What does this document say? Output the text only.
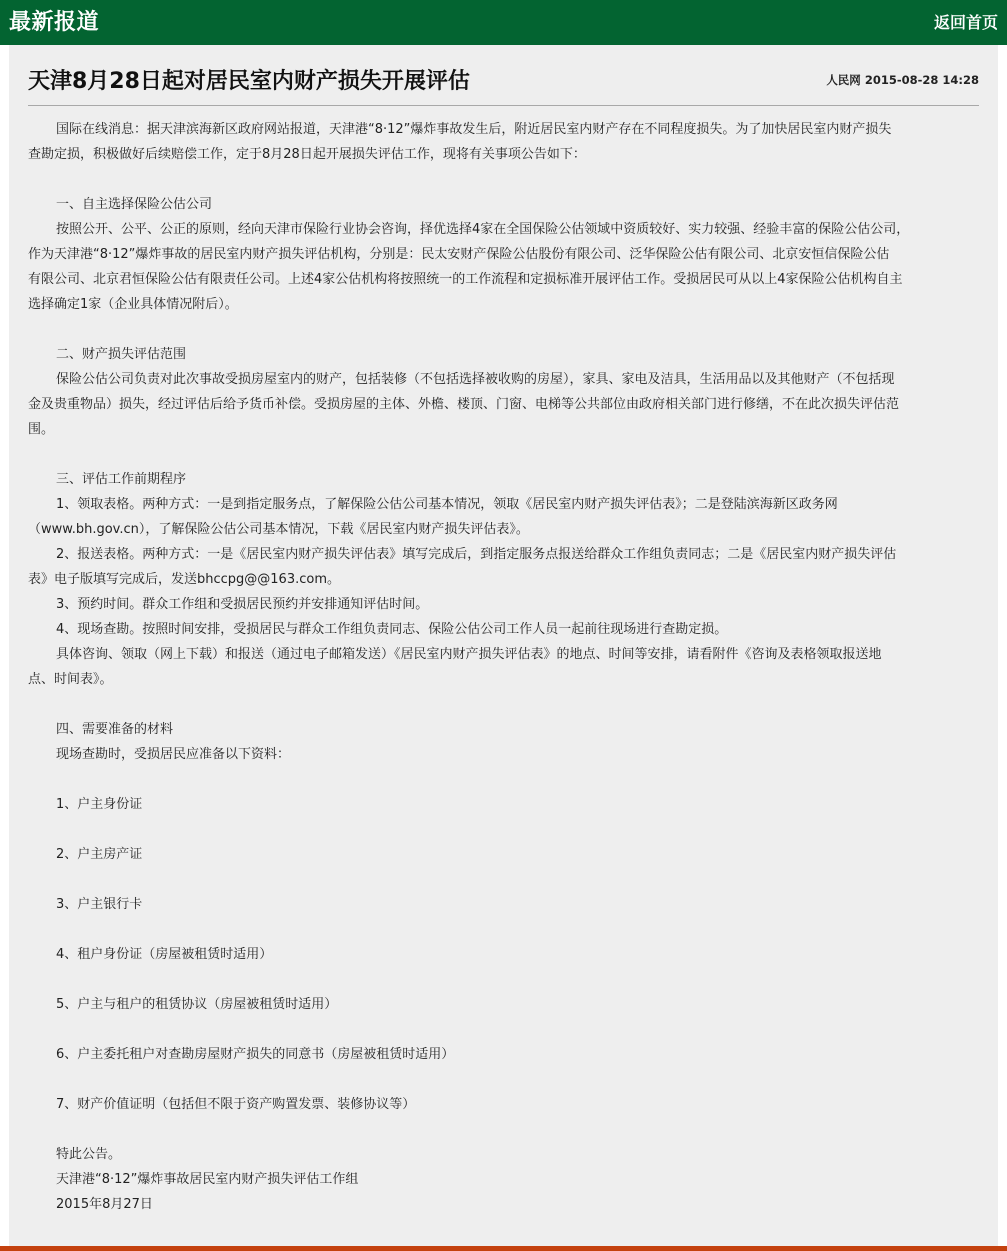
最新报道	返回首页
天津8月28日起对居民室内财产损失开展评估	人民网 2015-08-28 14:28

国际在线消息：据天津滨海新区政府网站报道，天津港“8·12”爆炸事故发生后，附近居民室内财产存在不同程度损失。为了加快居民室内财产损失

查勘定损，积极做好后续赔偿工作，定于8月28日起开展损失评估工作，现将有关事项公告如下：

一、自主选择保险公估公司

按照公开、公平、公正的原则，经向天津市保险行业协会咨询，择优选择4家在全国保险公估领域中资质较好、实力较强、经验丰富的保险公估公司，

作为天津港“8·12”爆炸事故的居民室内财产损失评估机构，分别是：民太安财产保险公估股份有限公司、泛华保险公估有限公司、北京安恒信保险公估

有限公司、北京君恒保险公估有限责任公司。上述4家公估机构将按照统一的工作流程和定损标准开展评估工作。受损居民可从以上4家保险公估机构自主

选择确定1家（企业具体情况附后）。

二、财产损失评估范围

保险公估公司负责对此次事故受损房屋室内的财产，包括装修（不包括选择被收购的房屋），家具、家电及洁具，生活用品以及其他财产（不包括现

金及贵重物品）损失，经过评估后给予货币补偿。受损房屋的主体、外檐、楼顶、门窗、电梯等公共部位由政府相关部门进行修缮，不在此次损失评估范

围。

三、评估工作前期程序

1、领取表格。两种方式：一是到指定服务点，了解保险公估公司基本情况，领取《居民室内财产损失评估表》；二是登陆滨海新区政务网

（www.bh.gov.cn），了解保险公估公司基本情况，下载《居民室内财产损失评估表》。

2、报送表格。两种方式：一是《居民室内财产损失评估表》填写完成后，到指定服务点报送给群众工作组负责同志；二是《居民室内财产损失评估

表》电子版填写完成后，发送bhccpg@@163.com。

3、预约时间。群众工作组和受损居民预约并安排通知评估时间。

4、现场查勘。按照时间安排，受损居民与群众工作组负责同志、保险公估公司工作人员一起前往现场进行查勘定损。

具体咨询、领取（网上下载）和报送（通过电子邮箱发送）《居民室内财产损失评估表》的地点、时间等安排，请看附件《咨询及表格领取报送地

点、时间表》。

四、需要准备的材料

现场查勘时，受损居民应准备以下资料：

1、户主身份证

2、户主房产证

3、户主银行卡

4、租户身份证（房屋被租赁时适用）

5、户主与租户的租赁协议（房屋被租赁时适用）

6、户主委托租户对查勘房屋财产损失的同意书（房屋被租赁时适用）

7、财产价值证明（包括但不限于资产购置发票、装修协议等）

特此公告。

天津港“8·12”爆炸事故居民室内财产损失评估工作组

2015年8月27日
